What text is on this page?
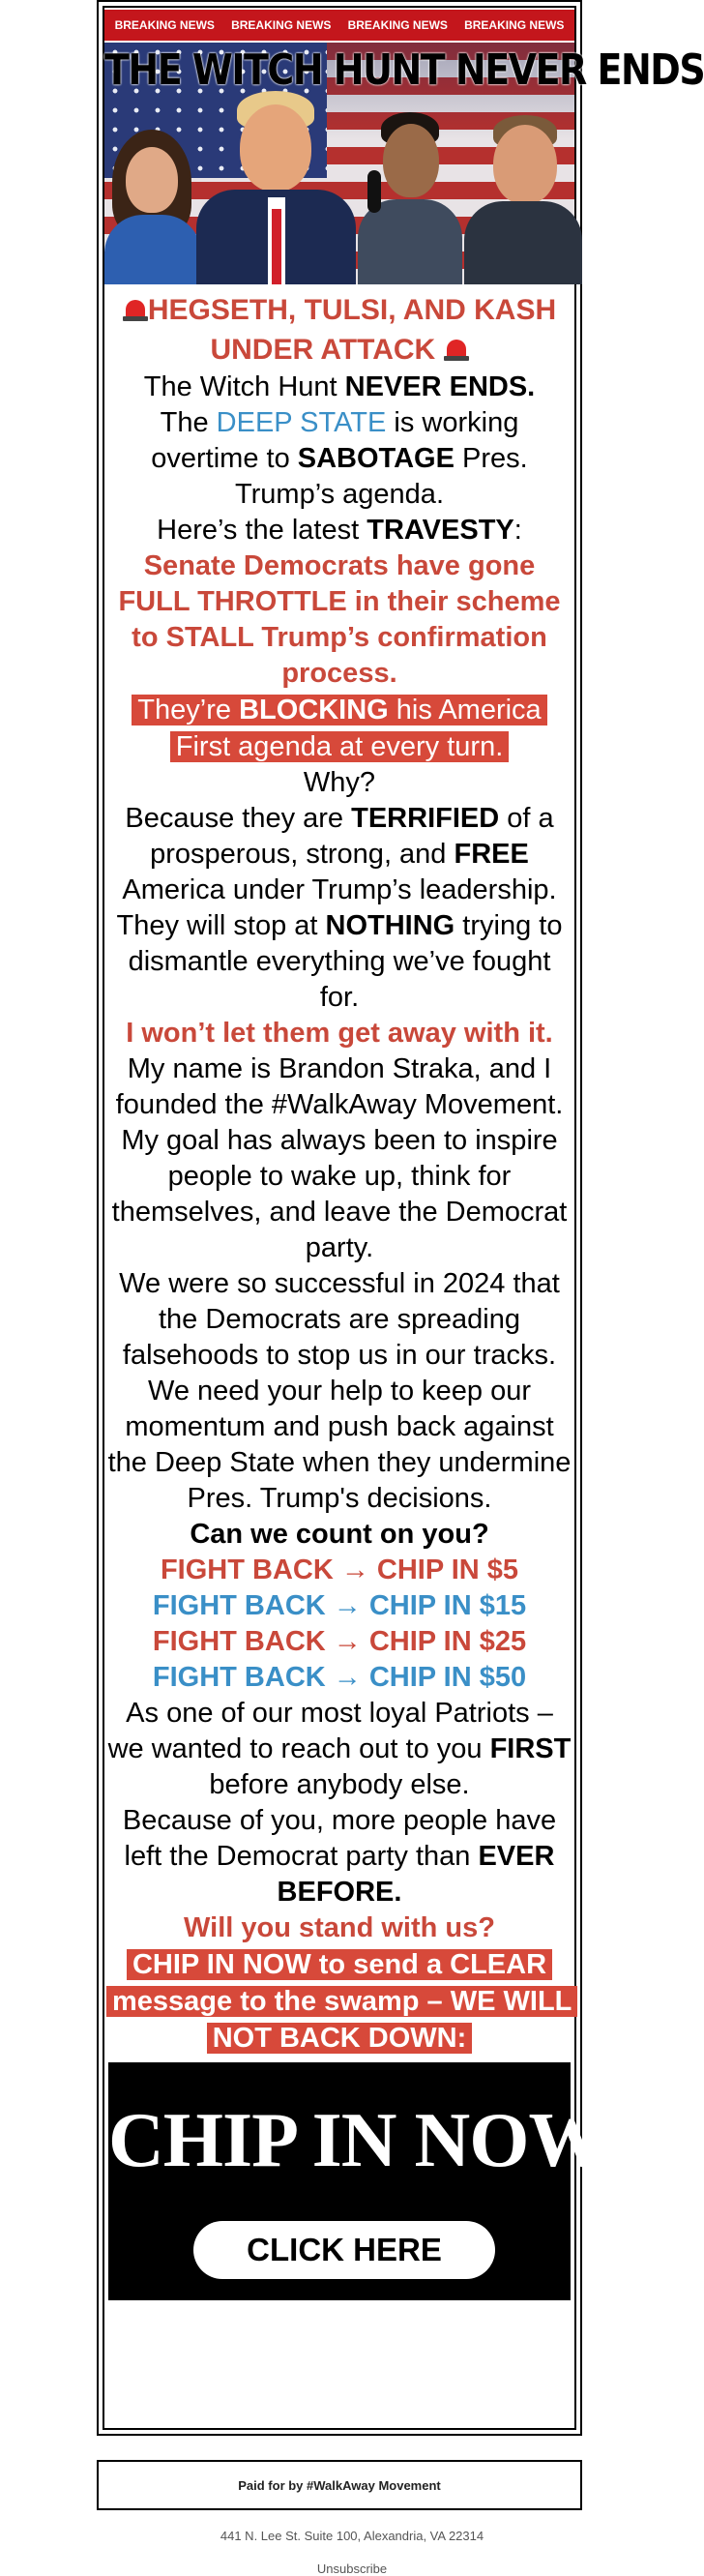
BREAKING NEWS BREAKING NEWS BREAKING NEWS BREAKING NEWS
THE WITCH HUNT NEVER ENDS
HEGSETH, TULSI, AND KASH
UNDER ATTACK
The Witch Hunt NEVER ENDS.
The DEEP STATE is working overtime to SABOTAGE Pres. Trump’s agenda.
Here’s the latest TRAVESTY:
Senate Democrats have gone FULL THROTTLE in their scheme to STALL Trump’s confirmation process.
They’re BLOCKING his America First agenda at every turn.
Why?
Because they are TERRIFIED of a prosperous, strong, and FREE America under Trump’s leadership.
They will stop at NOTHING trying to dismantle everything we’ve fought for.
I won’t let them get away with it.
My name is Brandon Straka, and I founded the #WalkAway Movement.
My goal has always been to inspire people to wake up, think for themselves, and leave the Democrat party.
We were so successful in 2024 that the Democrats are spreading falsehoods to stop us in our tracks.
We need your help to keep our momentum and push back against the Deep State when they undermine Pres. Trump's decisions.
Can we count on you?
FIGHT BACK → CHIP IN $5
FIGHT BACK → CHIP IN $15
FIGHT BACK → CHIP IN $25
FIGHT BACK → CHIP IN $50
As one of our most loyal Patriots – we wanted to reach out to you FIRST before anybody else.
Because of you, more people have left the Democrat party than EVER BEFORE.
Will you stand with us?
CHIP IN NOW to send a CLEAR message to the swamp – WE WILL NOT BACK DOWN:
CHIP IN NOW
CLICK HERE
Paid for by #WalkAway Movement
441 N. Lee St. Suite 100, Alexandria, VA 22314
Unsubscribe
